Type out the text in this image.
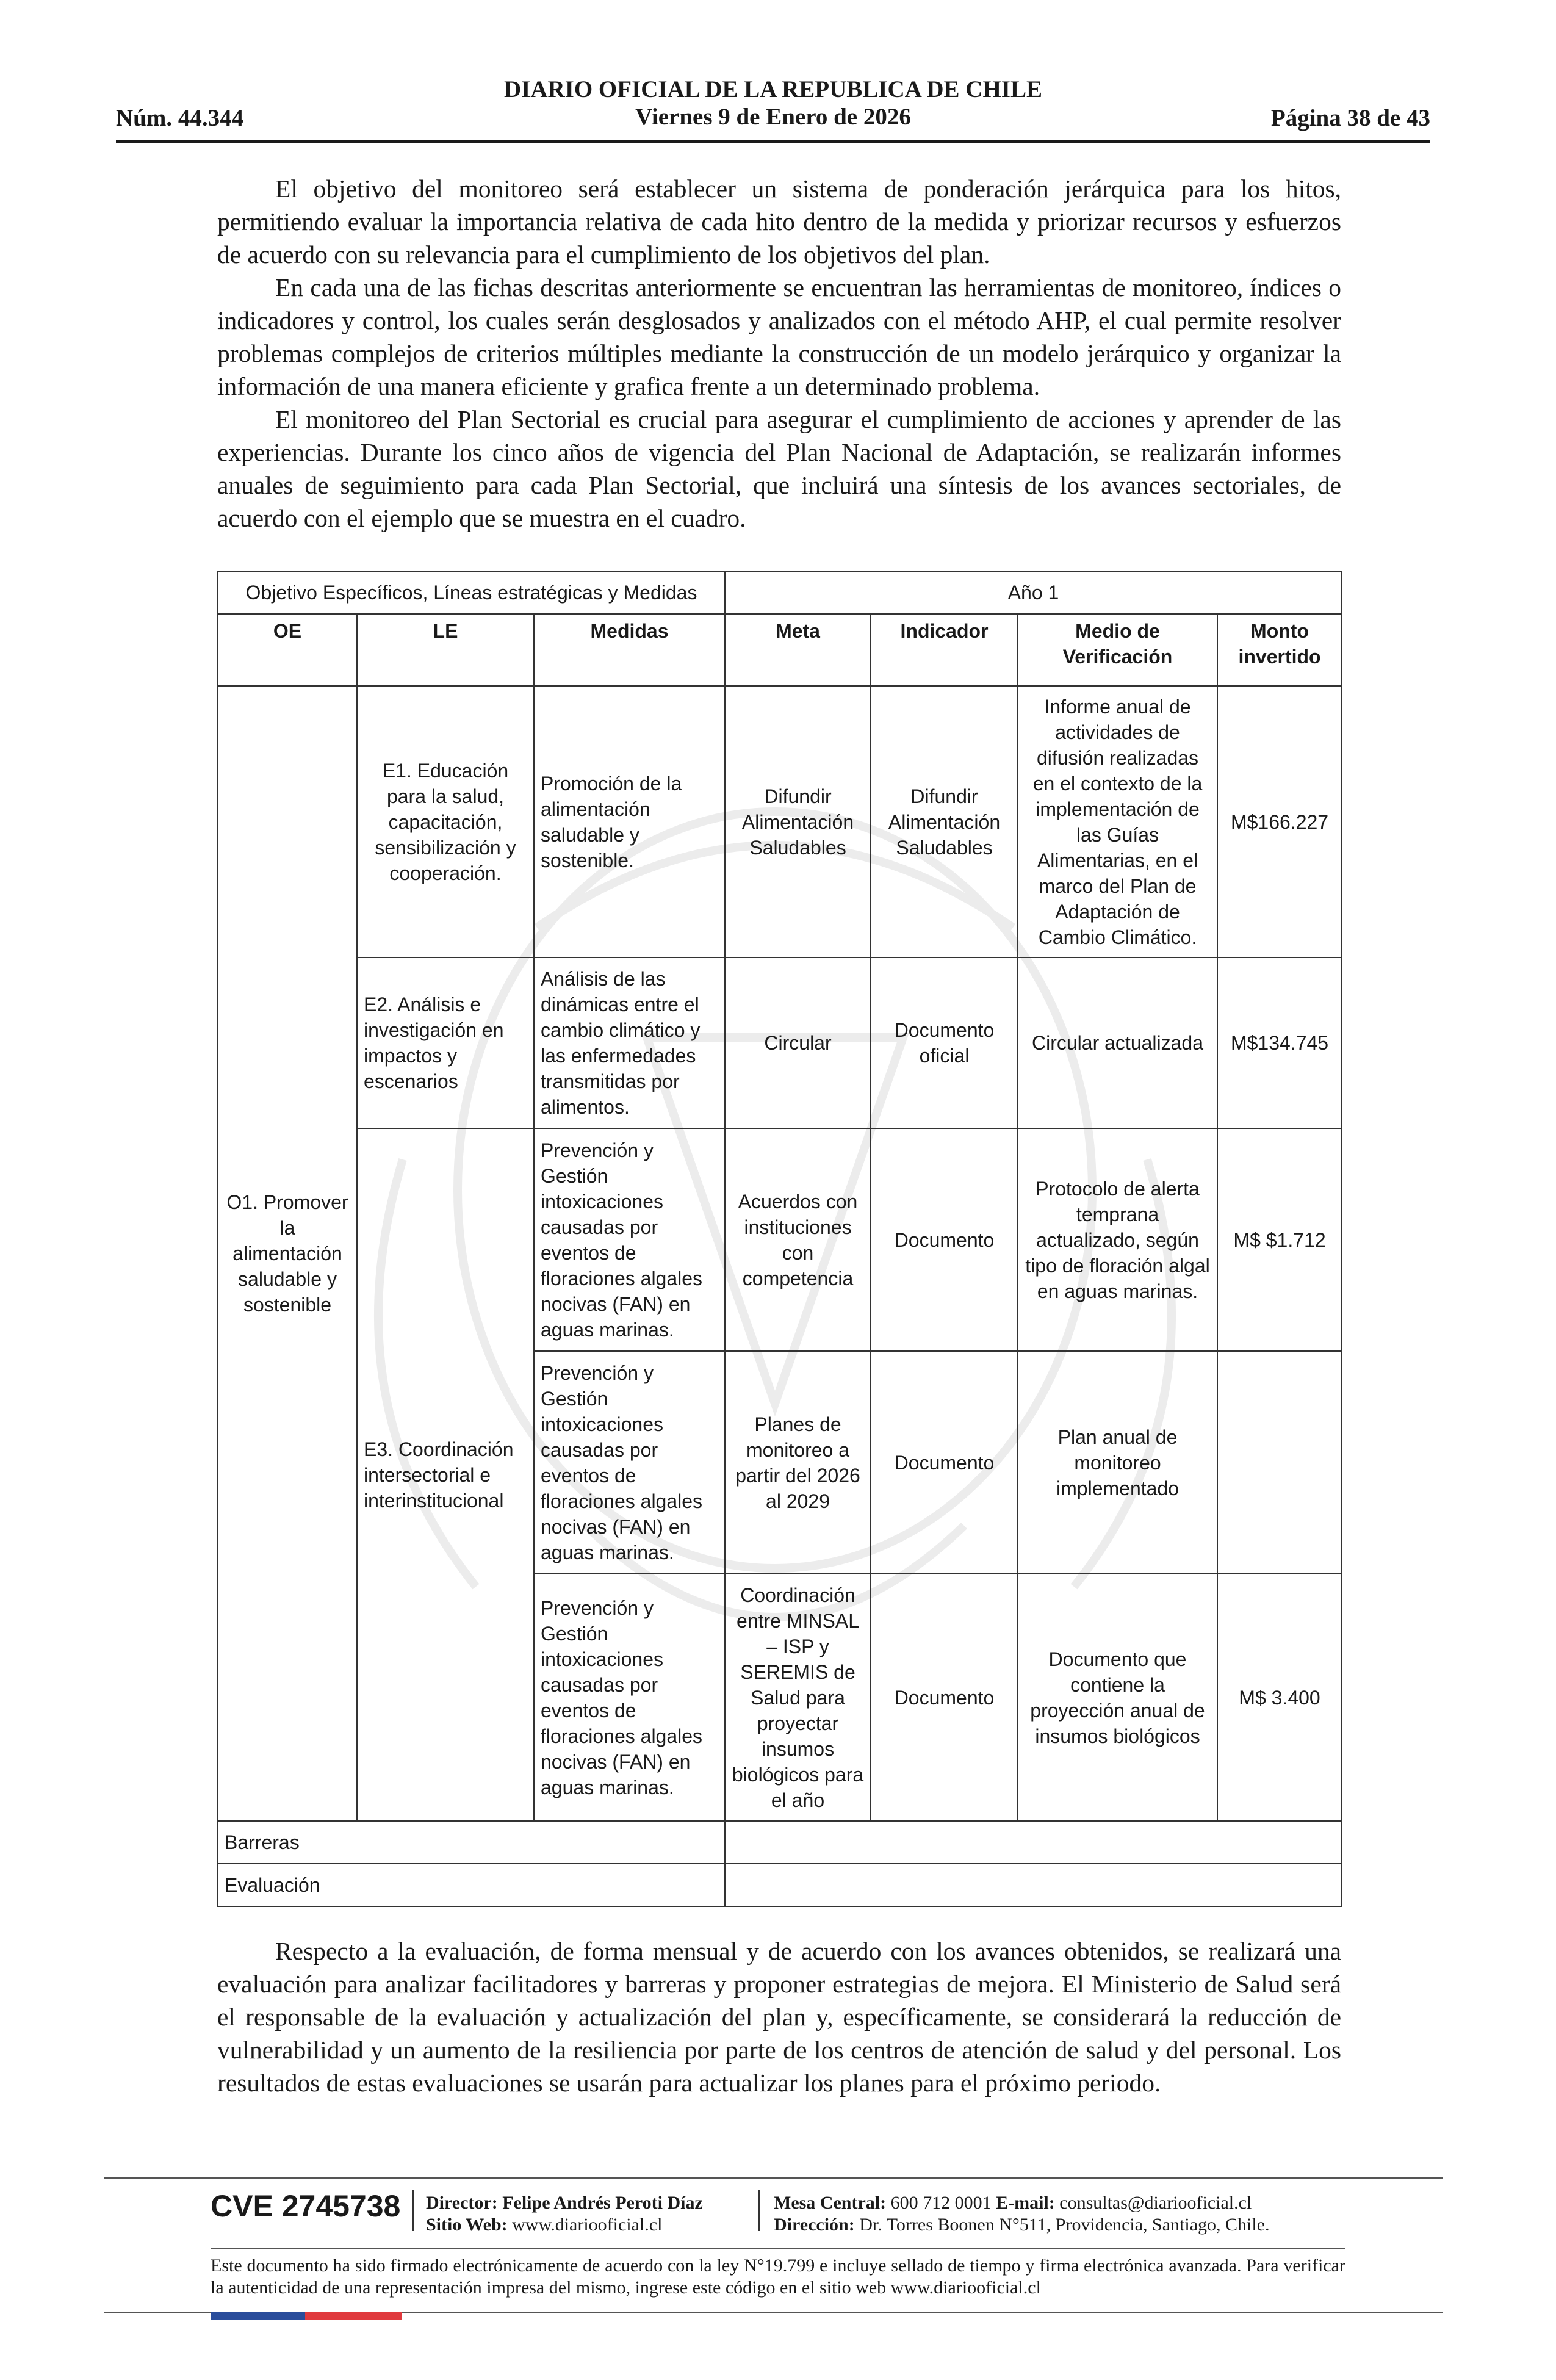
Núm. 44.344
DIARIO OFICIAL DE LA REPUBLICA DE CHILE
Viernes 9 de Enero de 2026	Página 38 de 43

El objetivo del monitoreo será establecer un sistema de ponderación jerárquica para los hitos, permitiendo evaluar la importancia relativa de cada hito dentro de la medida y priorizar recursos y esfuerzos de acuerdo con su relevancia para el cumplimiento de los objetivos del plan.

En cada una de las fichas descritas anteriormente se encuentran las herramientas de monitoreo, índices o indicadores y control, los cuales serán desglosados y analizados con el método AHP, el cual permite resolver problemas complejos de criterios múltiples mediante la construcción de un modelo jerárquico y organizar la información de una manera eficiente y grafica frente a un determinado problema.

El monitoreo del Plan Sectorial es crucial para asegurar el cumplimiento de acciones y aprender de las experiencias. Durante los cinco años de vigencia del Plan Nacional de Adaptación, se realizarán informes anuales de seguimiento para cada Plan Sectorial, que incluirá una síntesis de los avances sectoriales, de acuerdo con el ejemplo que se muestra en el cuadro.

Objetivo Específicos, Líneas estratégicas y Medidas			Año 1			
OE	LE	Medidas	Meta	Indicador	Medio de Verificación	Monto invertido
O1. Promover la alimentación saludable y sostenible	E1. Educación para la salud, capacitación, sensibilización y cooperación.	Promoción de la alimentación saludable y sostenible.	Difundir Alimentación Saludables	Difundir Alimentación Saludables	Informe anual de actividades de difusión realizadas en el contexto de la implementación de las Guías Alimentarias, en el marco del Plan de Adaptación de Cambio Climático.	M$166.227
	E2. Análisis e investigación en impactos y escenarios	Análisis de las dinámicas entre el cambio climático y las enfermedades transmitidas por alimentos.	Circular	Documento oficial	Circular actualizada	M$134.745
	E3. Coordinación intersectorial e interinstitucional	Prevención y Gestión intoxicaciones causadas por eventos de floraciones algales nocivas (FAN) en aguas marinas.	Acuerdos con instituciones con competencia	Documento	Protocolo de alerta temprana actualizado, según tipo de floración algal en aguas marinas.	M$ $1.712
		Prevención y Gestión intoxicaciones causadas por eventos de floraciones algales nocivas (FAN) en aguas marinas.	Planes de monitoreo a partir del 2026 al 2029	Documento	Plan anual de monitoreo implementado	
		Prevención y Gestión intoxicaciones causadas por eventos de floraciones algales nocivas (FAN) en aguas marinas.	Coordinación entre MINSAL – ISP y SEREMIS de Salud para proyectar insumos biológicos para el año	Documento	Documento que contiene la proyección anual de insumos biológicos	M$ 3.400
Barreras						
Evaluación						

Respecto a la evaluación, de forma mensual y de acuerdo con los avances obtenidos, se realizará una evaluación para analizar facilitadores y barreras y proponer estrategias de mejora. El Ministerio de Salud será el responsable de la evaluación y actualización del plan y, específicamente, se considerará la reducción de vulnerabilidad y un aumento de la resiliencia por parte de los centros de atención de salud y del personal. Los resultados de estas evaluaciones se usarán para actualizar los planes para el próximo periodo.

CVE 2745738 Director: Felipe Andrés Peroti Díaz
Sitio Web: www.diariooficial.cl
Mesa Central: 600 712 0001 E-mail: consultas@diariooficial.cl
Dirección: Dr. Torres Boonen N°511, Providencia, Santiago, Chile.
Este documento ha sido firmado electrónicamente de acuerdo con la ley N°19.799 e incluye sellado de tiempo y firma electrónica avanzada. Para verificar la autenticidad de una representación impresa del mismo, ingrese este código en el sitio web www.diariooficial.cl
